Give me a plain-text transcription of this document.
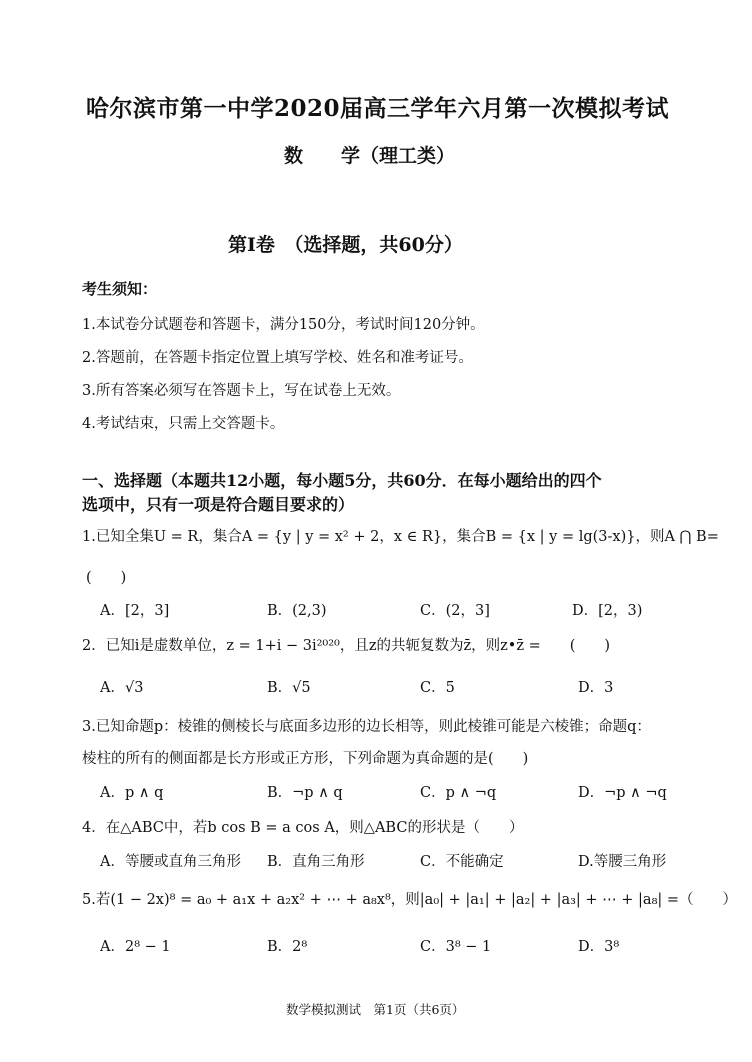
哈尔滨市第一中学2020届高三学年六月第一次模拟考试
数　　学（理工类）
第Ⅰ卷　（选择题，共60分）
考生须知：
1.本试卷分试题卷和答题卡，满分150分，考试时间120分钟。
2.答题前，在答题卡指定位置上填写学校、姓名和准考证号。
3.所有答案必须写在答题卡上，写在试卷上无效。
4.考试结束，只需上交答题卡。
一、选择题（本题共12小题，每小题5分，共60分．在每小题给出的四个
选项中，只有一项是符合题目要求的）
1.已知全集U = R，集合A = {y | y = x² + 2，x ∈ R}，集合B = {x | y = lg(3-x)}，则A ⋂ B=
(　　)
A．[2，3]	B．(2,3)	C．(2，3]	D．[2，3)
2．已知i是虚数单位，z = 1+i − 3i²⁰²⁰，且z的共轭复数为z̄，则z•z̄ =　　(　　)
A．√3	B．√5	C．5	D．3
3.已知命题p：棱锥的侧棱长与底面多边形的边长相等，则此棱锥可能是六棱锥；命题q：
棱柱的所有的侧面都是长方形或正方形，下列命题为真命题的是(　　)
A．p ∧ q	B．¬p ∧ q	C．p ∧ ¬q	D．¬p ∧ ¬q
4．在△ABC中，若b cos B = a cos A，则△ABC的形状是（　　）
A．等腰或直角三角形 B．直角三角形	C．不能确定	D.等腰三角形
5.若(1 − 2x)⁸ = a₀ + a₁x + a₂x² + ⋯ + a₈x⁸，则|a₀| + |a₁| + |a₂| + |a₃| + ⋯ + |a₈| =（　　）
A．2⁸ − 1	B．2⁸	C．3⁸ − 1	D．3⁸
数学模拟测试　第1页（共6页）
